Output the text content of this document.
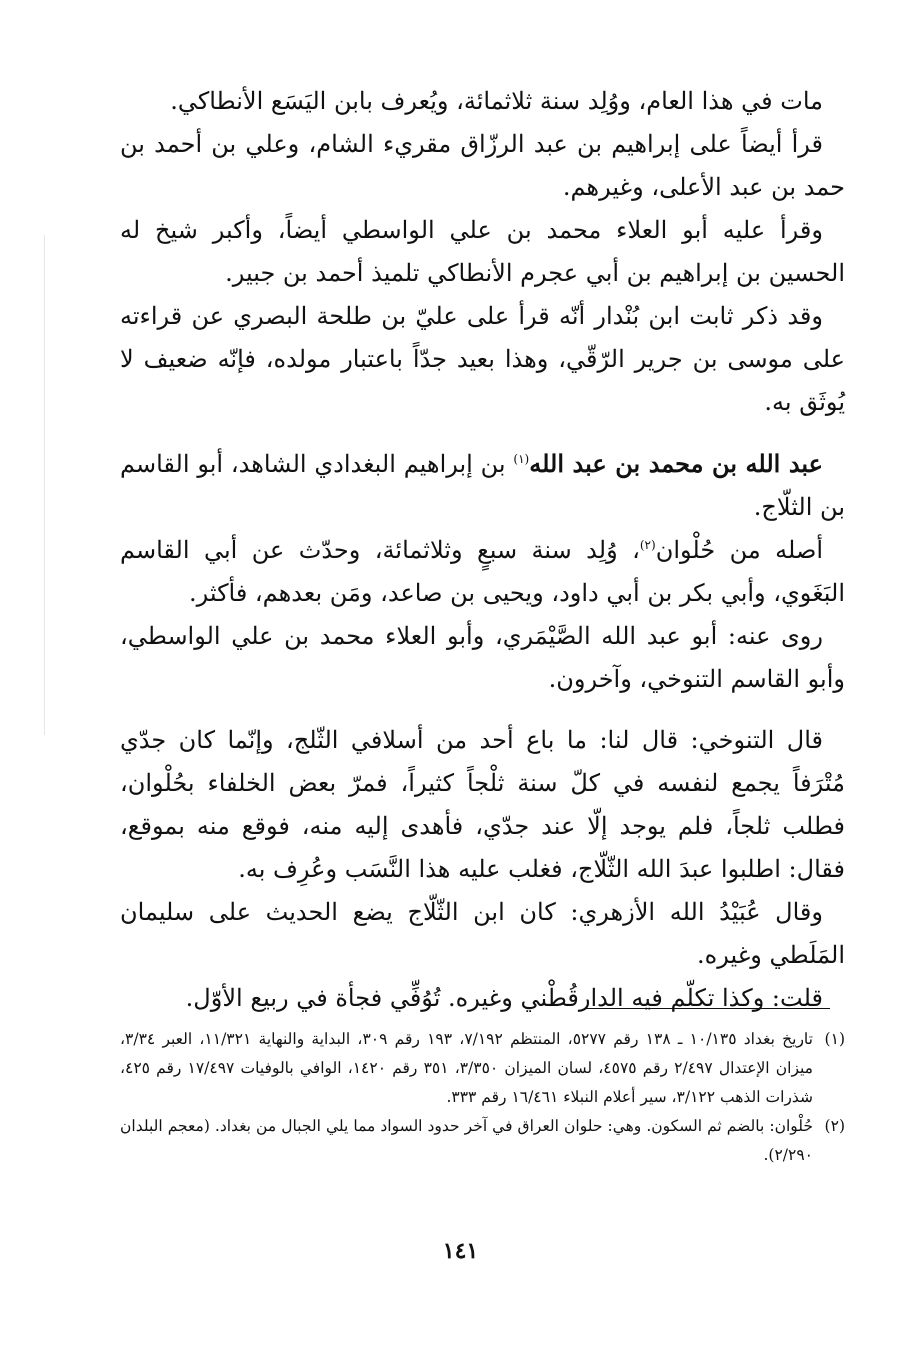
مات في هذا العام، ووُلِد سنة ثلاثمائة، ويُعرف بابن اليَسَع الأنطاكي.

قرأ أيضاً على إبراهيم بن عبد الرزّاق مقريء الشام، وعلي بن أحمد بن حمد بن عبد الأعلى، وغيرهم.

وقرأ عليه أبو العلاء محمد بن علي الواسطي أيضاً، وأكبر شيخ له الحسين بن إبراهيم بن أبي عجرم الأنطاكي تلميذ أحمد بن جبير.

وقد ذكر ثابت ابن بُنْدار أنّه قرأ على عليّ بن طلحة البصري عن قراءته على موسى بن جرير الرّقّي، وهذا بعيد جدّاً باعتبار مولده، فإنّه ضعيف لا يُوثَق به.

عبد الله بن محمد بن عبد الله$^{(١)}$ بن إبراهيم البغدادي الشاهد، أبو القاسم بن الثلّاج.

أصله من حُلْوان$^{(٢)}$، وُلِد سنة سبعٍ وثلاثمائة، وحدّث عن أبي القاسم البَغَوي، وأبي بكر بن أبي داود، ويحيى بن صاعد، ومَن بعدهم، فأكثر.

روى عنه: أبو عبد الله الصَّيْمَري، وأبو العلاء محمد بن علي الواسطي، وأبو القاسم التنوخي، وآخرون.

قال التنوخي: قال لنا: ما باع أحد من أسلافي الثّلج، وإنّما كان جدّي مُتْرَفاً يجمع لنفسه في كلّ سنة ثلْجاً كثيراً، فمرّ بعض الخلفاء بحُلْوان، فطلب ثلجاً، فلم يوجد إلّا عند جدّي، فأهدى إليه منه، فوقع منه بموقع، فقال: اطلبوا عبدَ الله الثّلّاج، فغلب عليه هذا النَّسَب وعُرِف به.

وقال عُبَيْدُ الله الأزهري: كان ابن الثّلّاج يضع الحديث على سليمان المَلَطي وغيره.

قلت: وكذا تكلّم فيه الدارقُطْني وغيره. تُوُفِّي فجأة في ربيع الأوّل.

(١)
تاريخ بغداد ١٠/١٣٥ ـ ١٣٨ رقم ٥٢٧٧، المنتظم ٧/١٩٢، ١٩٣ رقم ٣٠٩، البداية والنهاية ١١/٣٢١، العبر ٣/٣٤، ميزان الإعتدال ٢/٤٩٧ رقم ٤٥٧٥، لسان الميزان ٣/٣٥٠، ٣٥١ رقم ١٤٢٠، الوافي بالوفيات ١٧/٤٩٧ رقم ٤٢٥، شذرات الذهب ٣/١٢٢، سير أعلام النبلاء ١٦/٤٦١ رقم ٣٣٣.
(٢)
حُلْوان: بالضم ثم السكون. وهي: حلوان العراق في آخر حدود السواد مما يلي الجبال من بغداد. (معجم البلدان ٢/٢٩٠).
١٤١
